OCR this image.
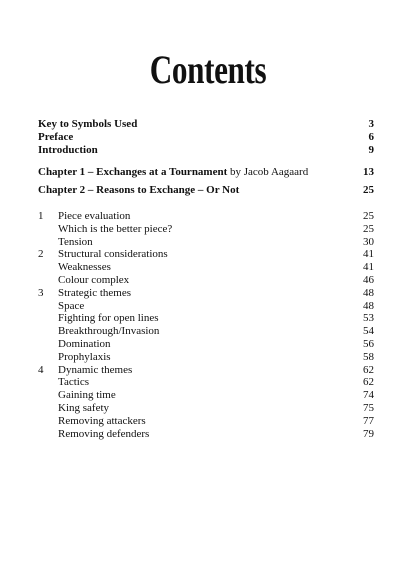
Contents
Key to Symbols Used	3
Preface	6
Introduction	9
Chapter 1 – Exchanges at a Tournament by Jacob Aagaard	13
Chapter 2 – Reasons to Exchange – Or Not	25
1 Piece evaluation	25
Which is the better piece?	25
Tension	30
2 Structural considerations	41
Weaknesses	41
Colour complex	46
3 Strategic themes	48
Space	48
Fighting for open lines	53
Breakthrough/Invasion	54
Domination	56
Prophylaxis	58
4 Dynamic themes	62
Tactics	62
Gaining time	74
King safety	75
Removing attackers	77
Removing defenders	79
